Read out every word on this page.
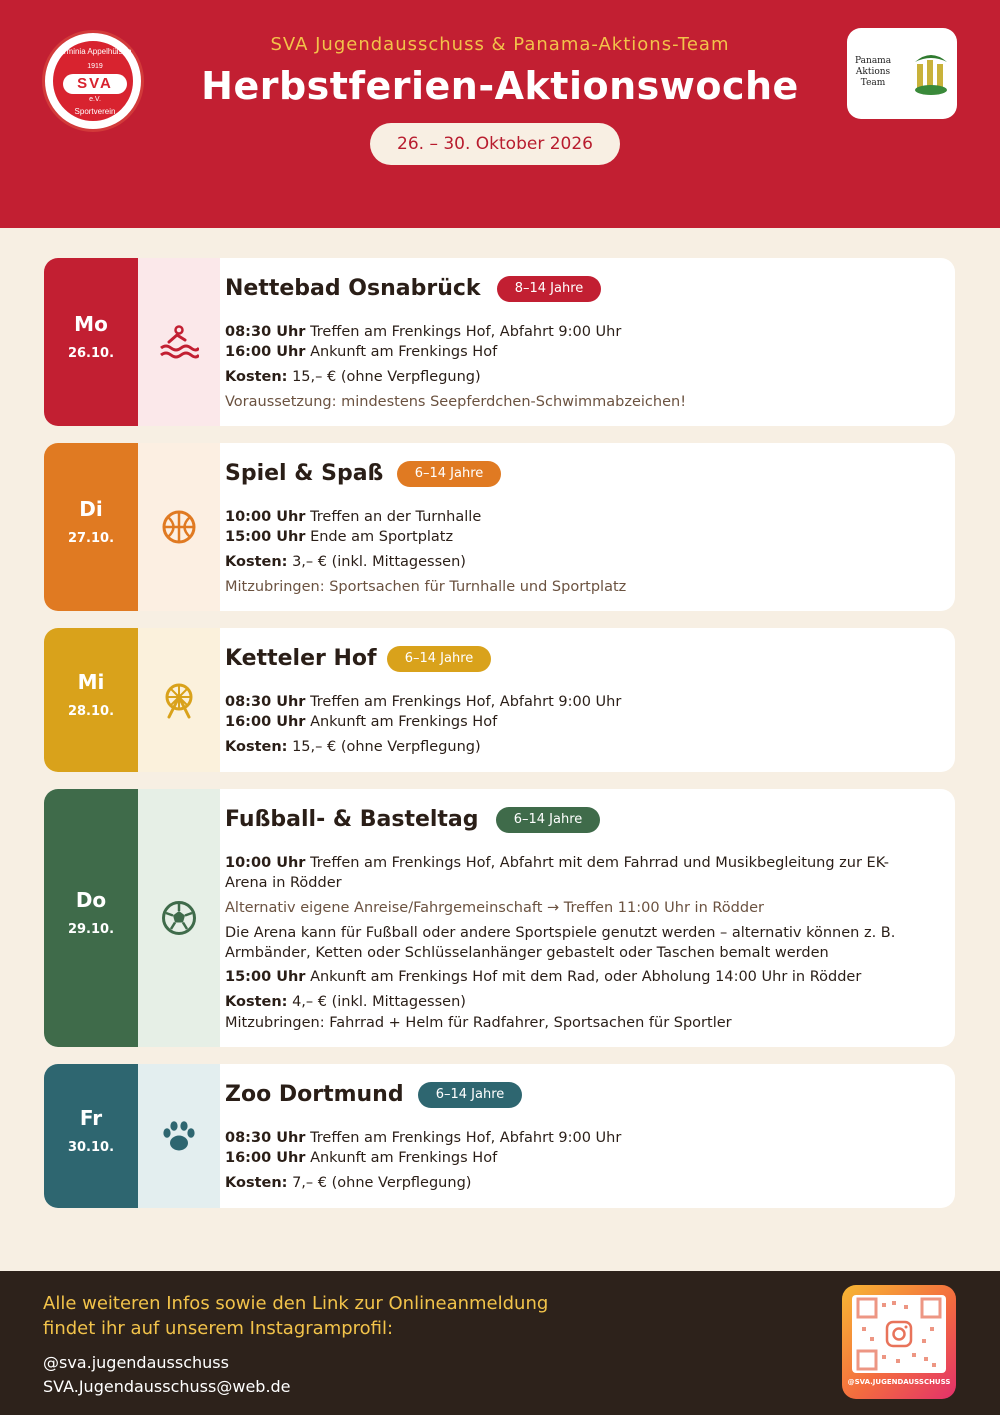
Arminia Appelhülsen
1919
SVA
e.V.
Sportverein
SVA Jugendausschuss & Panama-Aktions-Team
Herbstferien-Aktionswoche
26. – 30. Oktober 2026
Panama
Aktions
Team
Mo
26.10.
Nettebad Osnabrück	8–14 Jahre
08:30 Uhr Treffen am Frenkings Hof, Abfahrt 9:00 Uhr
16:00 Uhr Ankunft am Frenkings Hof
Kosten: 15,– € (ohne Verpflegung)
Voraussetzung: mindestens Seepferdchen-Schwimmabzeichen!
Di
27.10.
Spiel & Spaß	6–14 Jahre
10:00 Uhr Treffen an der Turnhalle
15:00 Uhr Ende am Sportplatz
Kosten: 3,– € (inkl. Mittagessen)
Mitzubringen: Sportsachen für Turnhalle und Sportplatz
Mi
28.10.
Ketteler Hof	6–14 Jahre
08:30 Uhr Treffen am Frenkings Hof, Abfahrt 9:00 Uhr
16:00 Uhr Ankunft am Frenkings Hof
Kosten: 15,– € (ohne Verpflegung)
Do
29.10.
Fußball- & Basteltag	6–14 Jahre
10:00 Uhr Treffen am Frenkings Hof, Abfahrt mit dem Fahrrad und Musikbegleitung zur EK-Arena in Rödder
Alternativ eigene Anreise/Fahrgemeinschaft → Treffen 11:00 Uhr in Rödder
Die Arena kann für Fußball oder andere Sportspiele genutzt werden – alternativ können z. B. Armbänder, Ketten oder Schlüsselanhänger gebastelt oder Taschen bemalt werden
15:00 Uhr Ankunft am Frenkings Hof mit dem Rad, oder Abholung 14:00 Uhr in Rödder
Kosten: 4,– € (inkl. Mittagessen)
Mitzubringen: Fahrrad + Helm für Radfahrer, Sportsachen für Sportler
Fr
30.10.
Zoo Dortmund	6–14 Jahre
08:30 Uhr Treffen am Frenkings Hof, Abfahrt 9:00 Uhr
16:00 Uhr Ankunft am Frenkings Hof
Kosten: 7,– € (ohne Verpflegung)
Alle weiteren Infos sowie den Link zur Onlineanmeldung
findet ihr auf unserem Instagramprofil:
@sva.jugendausschuss
SVA.Jugendausschuss@web.de	@SVA.JUGENDAUSSCHUSS
